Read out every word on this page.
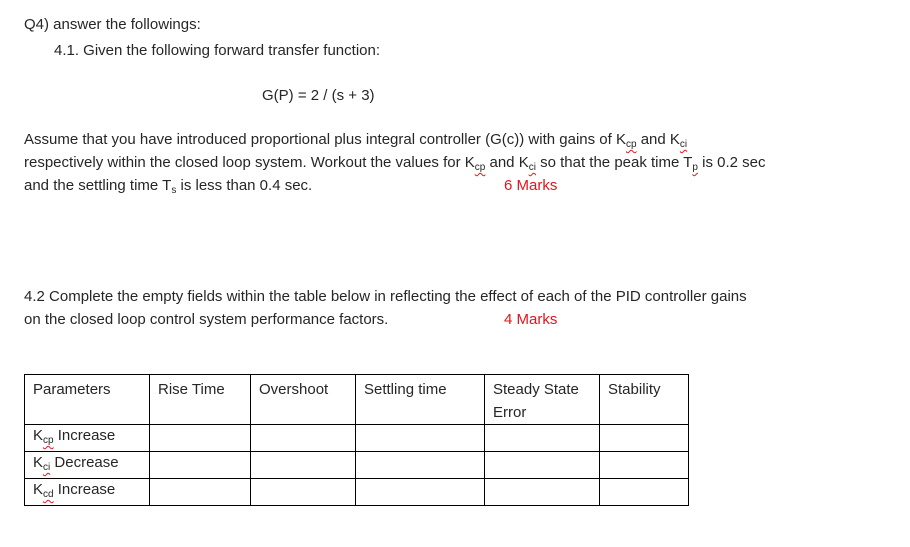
Q4) answer the followings:
4.1. Given the following forward transfer function:
G(P) = 2 / (s + 3)
Assume that you have introduced proportional plus integral controller (G(c)) with gains of $K_{cp}$ and $K_{ci}$
respectively within the closed loop system. Workout the values for $K_{cp}$ and $K_{ci}$ so that the peak time $T_p$ is 0.2 sec
and the settling time $T_s$ is less than 0.4 sec.	6 Marks
4.2 Complete the empty fields within the table below in reflecting the effect of each of the PID controller gains
on the closed loop control system performance factors.	4 Marks
Parameters	Rise Time	Overshoot	Settling time	Steady State Error	Stability
$K_{cp}$ Increase					
$K_{ci}$ Decrease					
$K_{cd}$ Increase					
